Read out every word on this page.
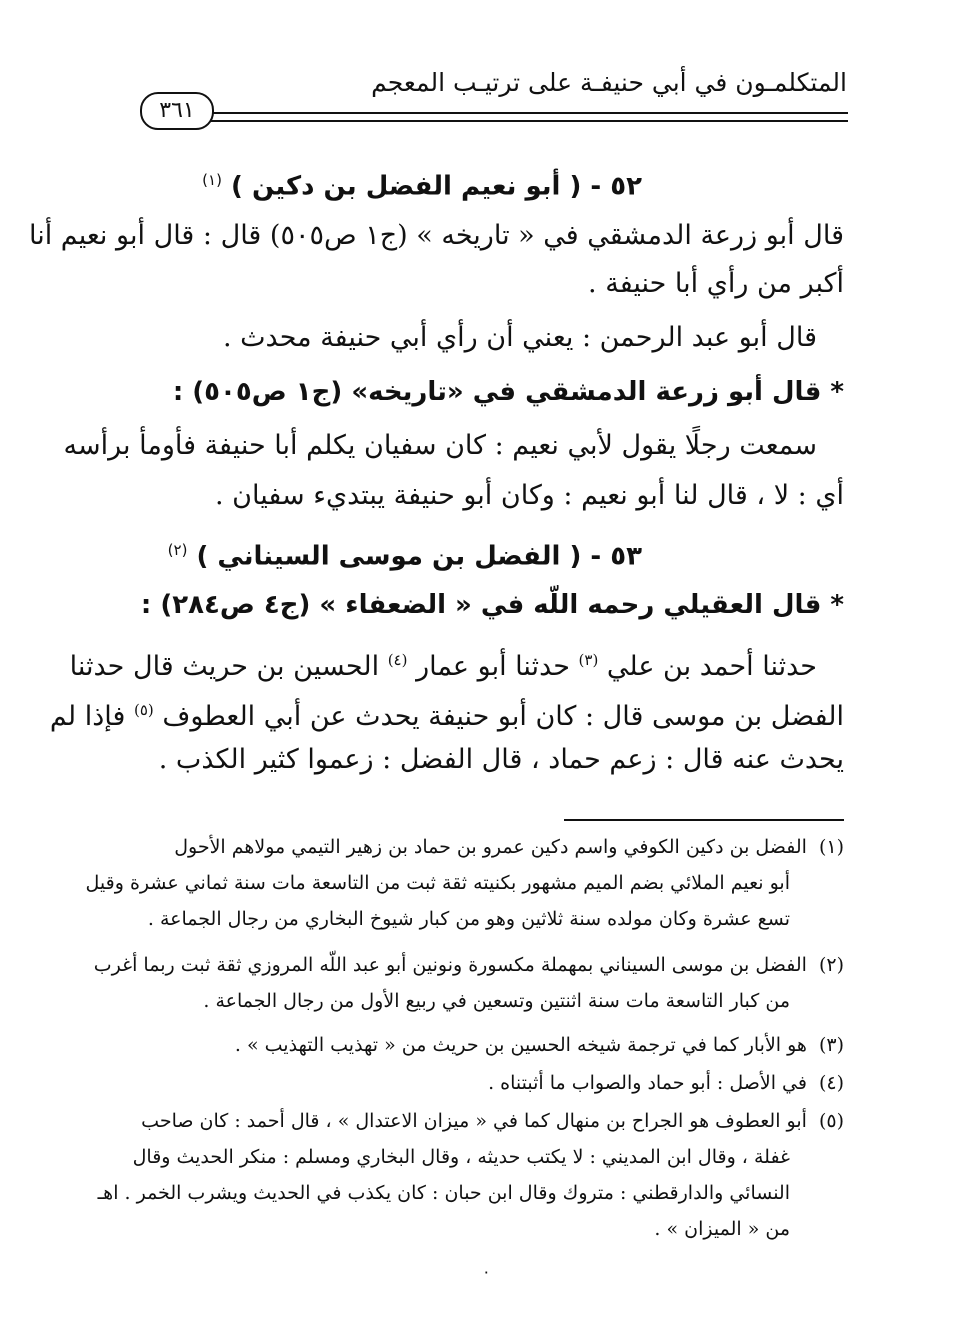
المتكلمـون في أبي حنيفـة على ترتيـب المعجم
٣٦١
٥٢ - ( أبو نعيم الفضل بن دكين ) $^{(١)}$
قال أبو زرعة الدمشقي في « تاريخه » (ج١ ص٥٠٥) قال : قال أبو نعيم أنا
أكبر من رأي أبا حنيفة .
قال أبو عبد الرحمن : يعني أن رأي أبي حنيفة محدث .
* قال أبو زرعة الدمشقي في «تاريخه» (ج١ ص٥٠٥) :
سمعت رجلًا يقول لأبي نعيم : كان سفيان يكلم أبا حنيفة فأومأ برأسه
أي : لا ، قال لنا أبو نعيم : وكان أبو حنيفة يبتديء سفيان .
٥٣ - ( الفضل بن موسى السيناني ) $^{(٢)}$
* قال العقيلي رحمه اللّه في « الضعفاء » (ج٤ ص٢٨٤) :
حدثنا أحمد بن علي $^{(٣)}$ حدثنا أبو عمار $^{(٤)}$ الحسين بن حريث قال حدثنا
الفضل بن موسى قال : كان أبو حنيفة يحدث عن أبي العطوف $^{(٥)}$ فإذا لم
يحدث عنه قال : زعم حماد ، قال الفضل : زعموا كثير الكذب .
(١)الفضل بن دكين الكوفي واسم دكين عمرو بن حماد بن زهير التيمي مولاهم الأحول
أبو نعيم الملائي بضم الميم مشهور بكنيته ثقة ثبت من التاسعة مات سنة ثماني عشرة وقيل
تسع عشرة وكان مولده سنة ثلاثين وهو من كبار شيوخ البخاري من رجال الجماعة .
(٢)الفضل بن موسى السيناني بمهملة مكسورة ونونين أبو عبد اللّه المروزي ثقة ثبت ربما أغرب
من كبار التاسعة مات سنة اثنتين وتسعين في ربيع الأول من رجال الجماعة .
(٣)هو الأبار كما في ترجمة شيخه الحسين بن حريث من « تهذيب التهذيب » .
(٤)في الأصل : أبو حماد والصواب ما أثبتناه .
(٥)أبو العطوف هو الجراح بن منهال كما في « ميزان الاعتدال » ، قال أحمد : كان صاحب
غفلة ، وقال ابن المديني : لا يكتب حديثه ، وقال البخاري ومسلم : منكر الحديث وقال
النسائي والدارقطني : متروك وقال ابن حبان : كان يكذب في الحديث ويشرب الخمر . اهـ
من « الميزان » .
٠
